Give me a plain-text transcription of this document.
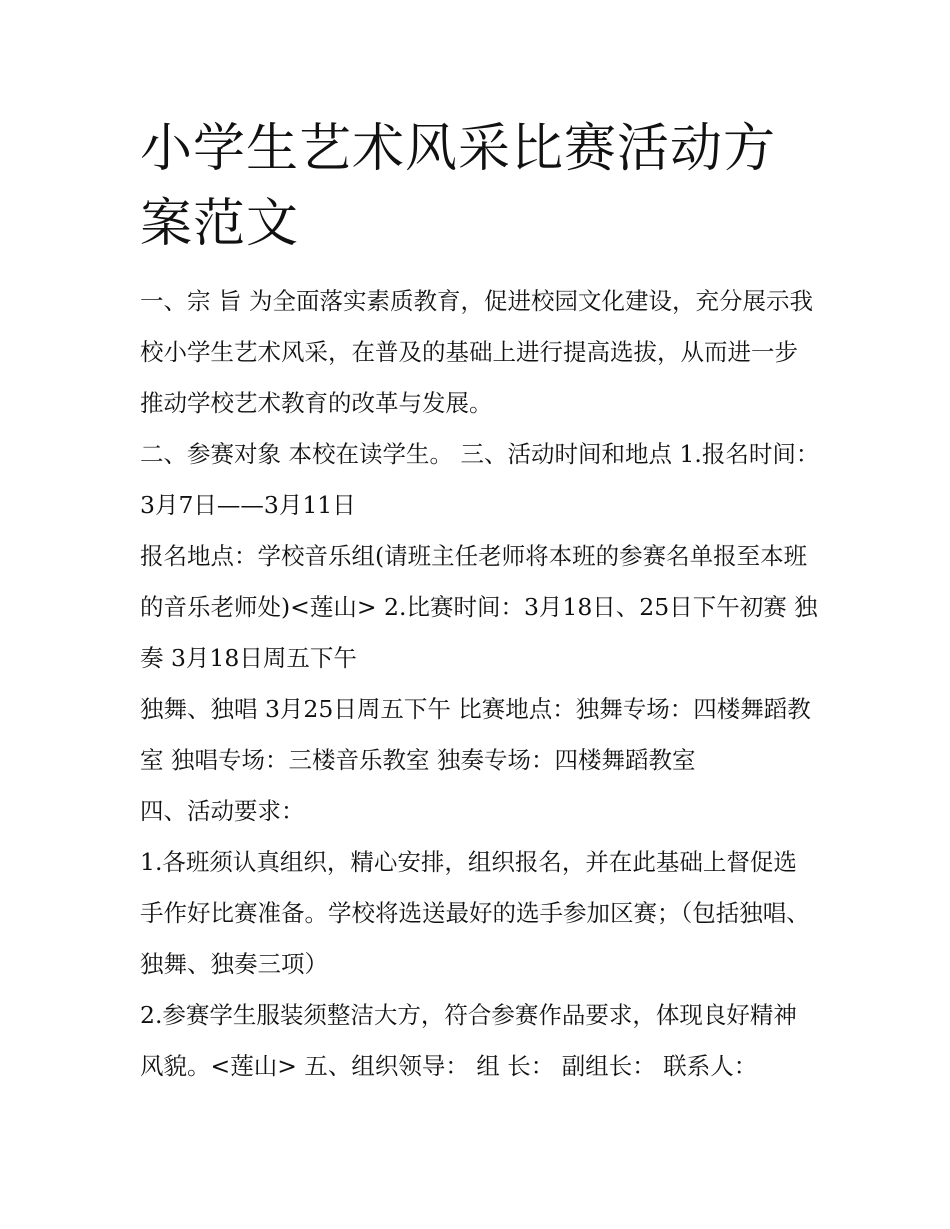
小学生艺术风采比赛活动方案范文

一、宗 旨 为全面落实素质教育，促进校园文化建设，充分展示我校小学生艺术风采，在普及的基础上进行提高选拔，从而进一步推动学校艺术教育的改革与发展。

二、参赛对象 本校在读学生。 三、活动时间和地点 1.报名时间：3月7日——3月11日

报名地点：学校音乐组(请班主任老师将本班的参赛名单报至本班的音乐老师处)<莲山> 2.比赛时间：3月18日、25日下午初赛 独奏 3月18日周五下午

独舞、独唱 3月25日周五下午 比赛地点：独舞专场：四楼舞蹈教室 独唱专场：三楼音乐教室 独奏专场：四楼舞蹈教室

四、活动要求：

1.各班须认真组织，精心安排，组织报名，并在此基础上督促选手作好比赛准备。学校将选送最好的选手参加区赛；（包括独唱、独舞、独奏三项）

2.参赛学生服装须整洁大方，符合参赛作品要求，体现良好精神风貌。<莲山> 五、组织领导： 组 长： 副组长： 联系人：
